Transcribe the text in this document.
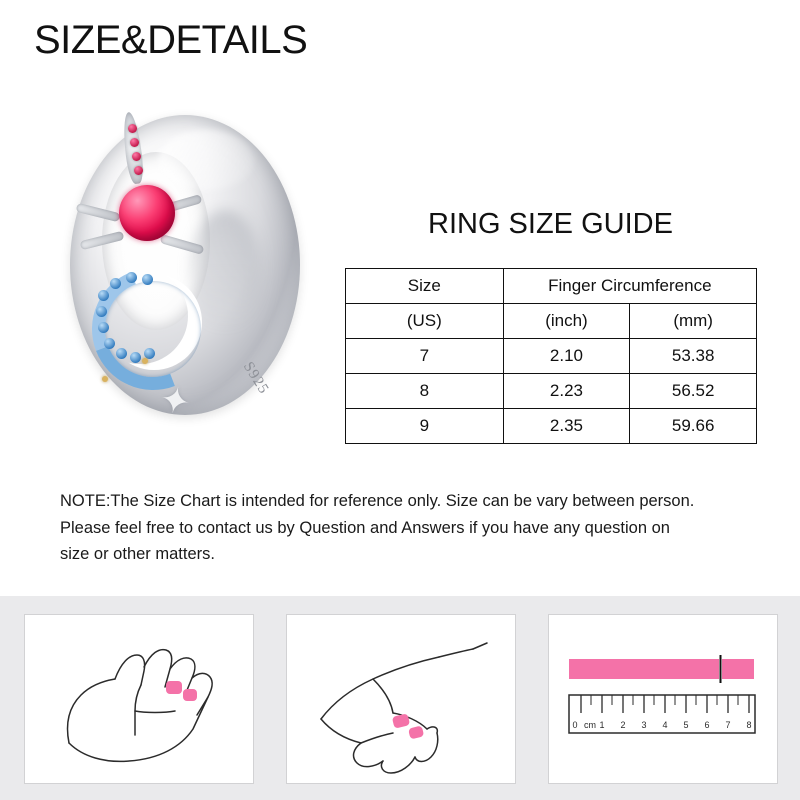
SIZE&DETAILS
✦	S925
RING SIZE GUIDE
Size	Finger Circumference	
(US)	(inch)	(mm)
7	2.10	53.38
8	2.23	56.52
9	2.35	59.66
NOTE:The Size Chart is intended for reference only. Size can be vary between person.
Please feel free to contact us by Question and Answers if you have any question on
size or other matters.
0 cm 1 2 3 4 5 6 7 8
